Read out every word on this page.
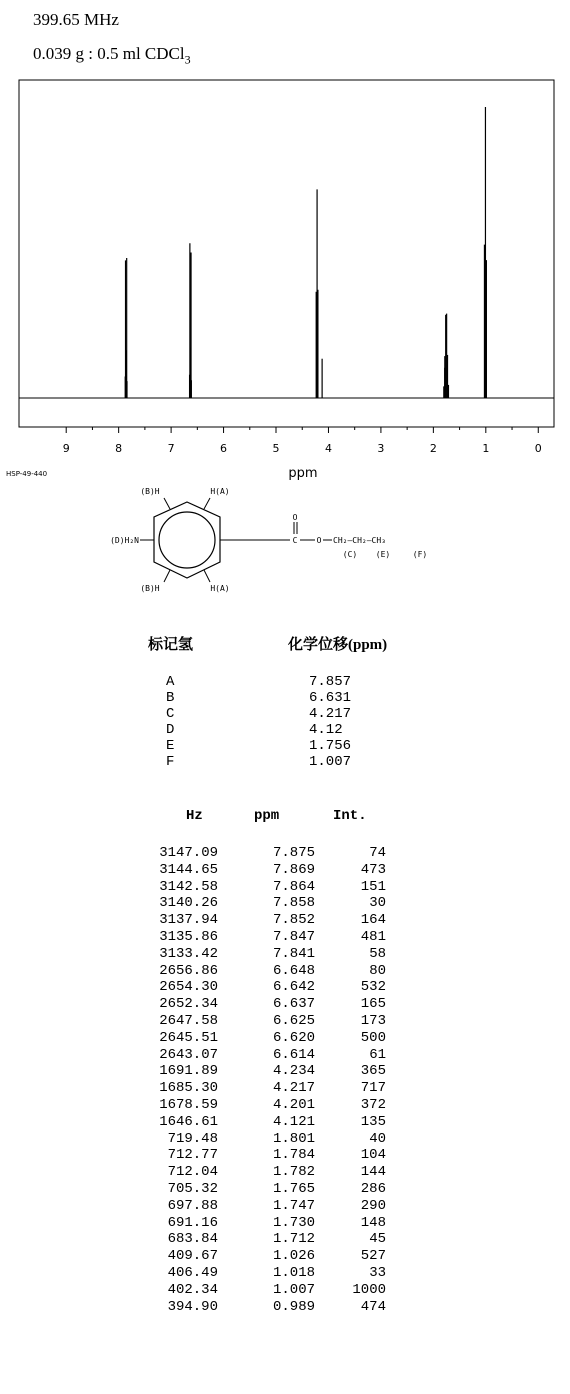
399.65 MHz
0.039 g : 0.5 ml CDCl$_3$
9	8	7	6	5	4	3	2	1	0
ppm
HSP-49-440
(B)H	H(A)
(B)H	H(A)
(D)H₂N
O
C O CH₂—CH₂—CH₃
(C) (E)	(F)
标记氢	化学位移(ppm)
A	7.857
B	6.631
C	4.217
D	4.12
E	1.756
F	1.007
Hz	ppm	Int.
3147.09	7.875	74
3144.65	7.869	473
3142.58	7.864	151
3140.26	7.858	30
3137.94	7.852	164
3135.86	7.847	481
3133.42	7.841	58
2656.86	6.648	80
2654.30	6.642	532
2652.34	6.637	165
2647.58	6.625	173
2645.51	6.620	500
2643.07	6.614	61
1691.89	4.234	365
1685.30	4.217	717
1678.59	4.201	372
1646.61	4.121	135
719.48	1.801	40
712.77	1.784	104
712.04	1.782	144
705.32	1.765	286
697.88	1.747	290
691.16	1.730	148
683.84	1.712	45
409.67	1.026	527
406.49	1.018	33
402.34	1.007	1000
394.90	0.989	474
